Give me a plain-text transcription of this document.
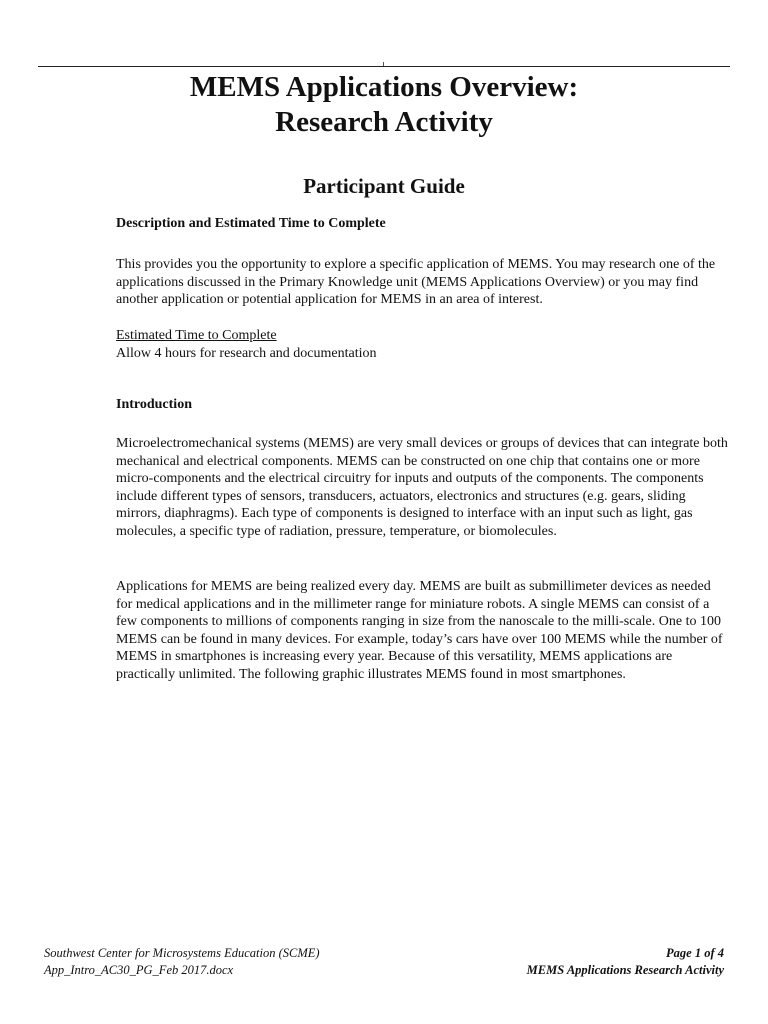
MEMS Applications Overview:
Research Activity
Participant Guide
Description and Estimated Time to Complete

This provides you the opportunity to explore a specific application of MEMS. You may research one of the applications discussed in the Primary Knowledge unit (MEMS Applications Overview) or you may find another application or potential application for MEMS in an area of interest.

Estimated Time to Complete
Allow 4 hours for research and documentation
Introduction

Microelectromechanical systems (MEMS) are very small devices or groups of devices that can integrate both mechanical and electrical components. MEMS can be constructed on one chip that contains one or more micro-components and the electrical circuitry for inputs and outputs of the components. The components include different types of sensors, transducers, actuators, electronics and structures (e.g. gears, sliding mirrors, diaphragms). Each type of components is designed to interface with an input such as light, gas molecules, a specific type of radiation, pressure, temperature, or biomolecules.

Applications for MEMS are being realized every day. MEMS are built as submillimeter devices as needed for medical applications and in the millimeter range for miniature robots. A single MEMS can consist of a few components to millions of components ranging in size from the nanoscale to the milli-scale. One to 100 MEMS can be found in many devices. For example, today’s cars have over 100 MEMS while the number of MEMS in smartphones is increasing every year. Because of this versatility, MEMS applications are practically unlimited. The following graphic illustrates MEMS found in most smartphones.

Southwest Center for Microsystems Education (SCME)
App_Intro_AC30_PG_Feb 2017.docx
Page 1 of 4
MEMS Applications Research Activity
